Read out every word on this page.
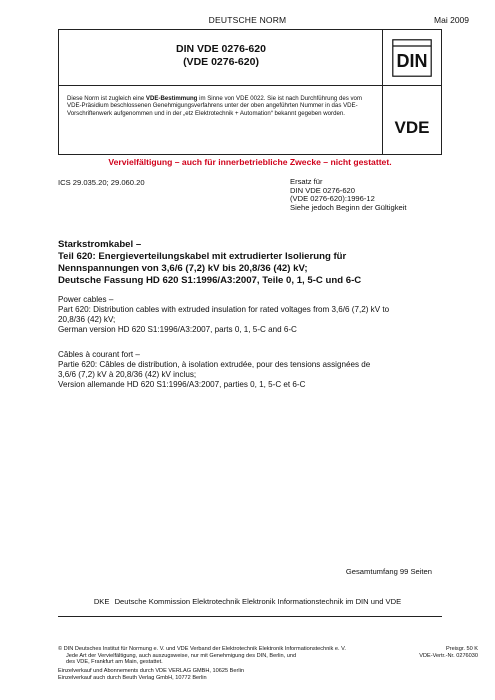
DEUTSCHE NORM	Mai 2009
DIN VDE 0276-620
(VDE 0276-620)
Diese Norm ist zugleich eine VDE-Bestimmung im Sinne von VDE 0022. Sie ist nach Durchführung des vom VDE-Präsidium beschlossenen Genehmigungsverfahrens unter der oben angeführten Nummer in das VDE-Vorschriftenwerk aufgenommen und in der „etz Elektrotechnik + Automation“ bekannt gegeben worden.
DIN
VDE
Vervielfältigung – auch für innerbetriebliche Zwecke – nicht gestattet.
ICS 29.035.20; 29.060.20	Ersatz für
DIN VDE 0276-620
(VDE 0276-620):1996-12
Siehe jedoch Beginn der Gültigkeit
Starkstromkabel –
Teil 620: Energieverteilungskabel mit extrudierter Isolierung für
Nennspannungen von 3,6/6 (7,2) kV bis 20,8/36 (42) kV;
Deutsche Fassung HD 620 S1:1996/A3:2007, Teile 0, 1, 5-C und 6-C
Power cables –
Part 620: Distribution cables with extruded insulation for rated voltages from 3,6/6 (7,2) kV to
20,8/36 (42) kV;
German version HD 620 S1:1996/A3:2007, parts 0, 1, 5-C and 6-C
Câbles à courant fort –
Partie 620: Câbles de distribution, à isolation extrudée, pour des tensions assignées de
3,6/6 (7,2) kV à 20,8/36 (42) kV inclus;
Version allemande HD 620 S1:1996/A3:2007, parties 0, 1, 5-C et 6-C
Gesamtumfang 99 Seiten
DKE Deutsche Kommission Elektrotechnik Elektronik Informationstechnik im DIN und VDE
© DIN Deutsches Institut für Normung e. V. und VDE Verband der Elektrotechnik Elektronik Informationstechnik e. V.
Jede Art der Vervielfältigung, auch auszugsweise, nur mit Genehmigung des DIN, Berlin, und
des VDE, Frankfurt am Main, gestattet.
Preisgr. 50 K
VDE-Vertr.-Nr. 0276030
Einzelverkauf und Abonnements durch VDE VERLAG GMBH, 10625 Berlin
Einzelverkauf auch durch Beuth Verlag GmbH, 10772 Berlin
